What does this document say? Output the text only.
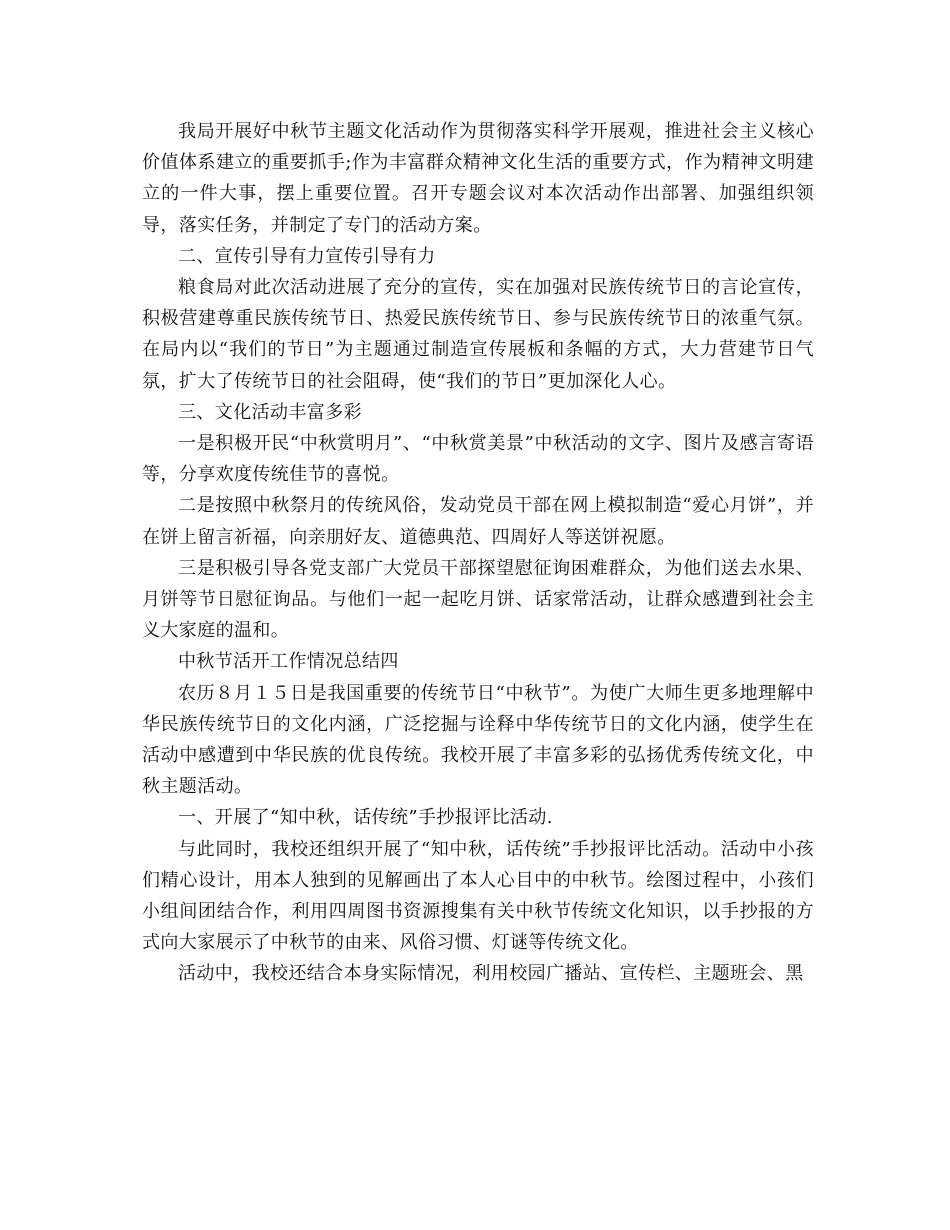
我局开展好中秋节主题文化活动作为贯彻落实科学开展观，推进社会主义核心价值体系建立的重要抓手;作为丰富群众精神文化生活的重要方式，作为精神文明建立的一件大事，摆上重要位置。召开专题会议对本次活动作出部署、加强组织领导，落实任务，并制定了专门的活动方案。

二、宣传引导有力宣传引导有力

粮食局对此次活动进展了充分的宣传，实在加强对民族传统节日的言论宣传，积极营建尊重民族传统节日、热爱民族传统节日、参与民族传统节日的浓重气氛。在局内以“我们的节日”为主题通过制造宣传展板和条幅的方式，大力营建节日气氛，扩大了传统节日的社会阻碍，使“我们的节日”更加深化人心。

三、文化活动丰富多彩

一是积极开民“中秋赏明月”、“中秋赏美景”中秋活动的文字、图片及感言寄语等，分享欢度传统佳节的喜悦。

二是按照中秋祭月的传统风俗，发动党员干部在网上模拟制造“爱心月饼”，并在饼上留言祈福，向亲朋好友、道德典范、四周好人等送饼祝愿。

三是积极引导各党支部广大党员干部探望慰征询困难群众，为他们送去水果、月饼等节日慰征询品。与他们一起一起吃月饼、话家常活动，让群众感遭到社会主义大家庭的温和。

中秋节活开工作情况总结四

农历８月１５日是我国重要的传统节日“中秋节”。为使广大师生更多地理解中华民族传统节日的文化内涵，广泛挖掘与诠释中华传统节日的文化内涵，使学生在活动中感遭到中华民族的优良传统。我校开展了丰富多彩的弘扬优秀传统文化，中秋主题活动。

一、开展了“知中秋，话传统”手抄报评比活动.

与此同时，我校还组织开展了“知中秋，话传统”手抄报评比活动。活动中小孩们精心设计，用本人独到的见解画出了本人心目中的中秋节。绘图过程中，小孩们小组间团结合作，利用四周图书资源搜集有关中秋节传统文化知识，以手抄报的方式向大家展示了中秋节的由来、风俗习惯、灯谜等传统文化。

活动中，我校还结合本身实际情况，利用校园广播站、宣传栏、主题班会、黑
